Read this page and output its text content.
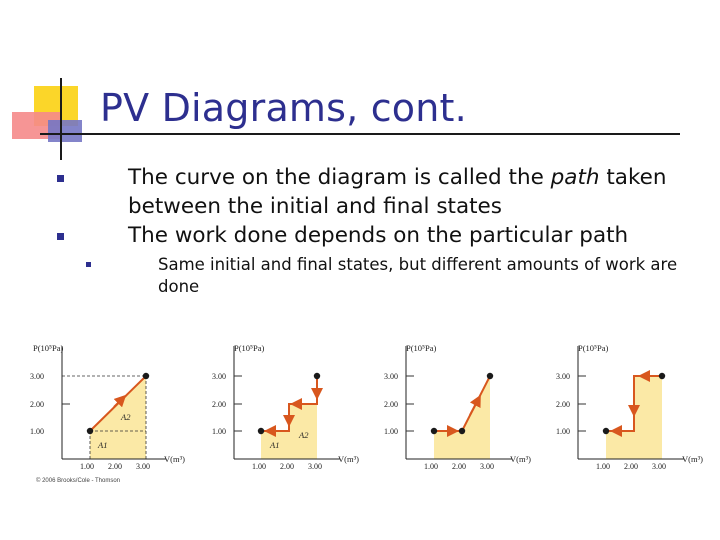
PV Diagrams, cont.
The curve on the diagram is called the path taken between the initial and final states
The work done depends on the particular path
Same initial and final states, but different amounts of work are done
P(10⁵Pa)
3.00
2.00
1.00
1.00 2.00 3.00
V(m³)
A1
A2
P(10⁵Pa)
3.00
2.00
1.00
1.00 2.00 3.00
V(m³)
A1
A2
P(10⁵Pa)
3.00
2.00
1.00
1.00 2.00 3.00
V(m³)
P(10⁵Pa)
3.00
2.00
1.00
1.00 2.00 3.00
V(m³)
© 2006 Brooks/Cole - Thomson
